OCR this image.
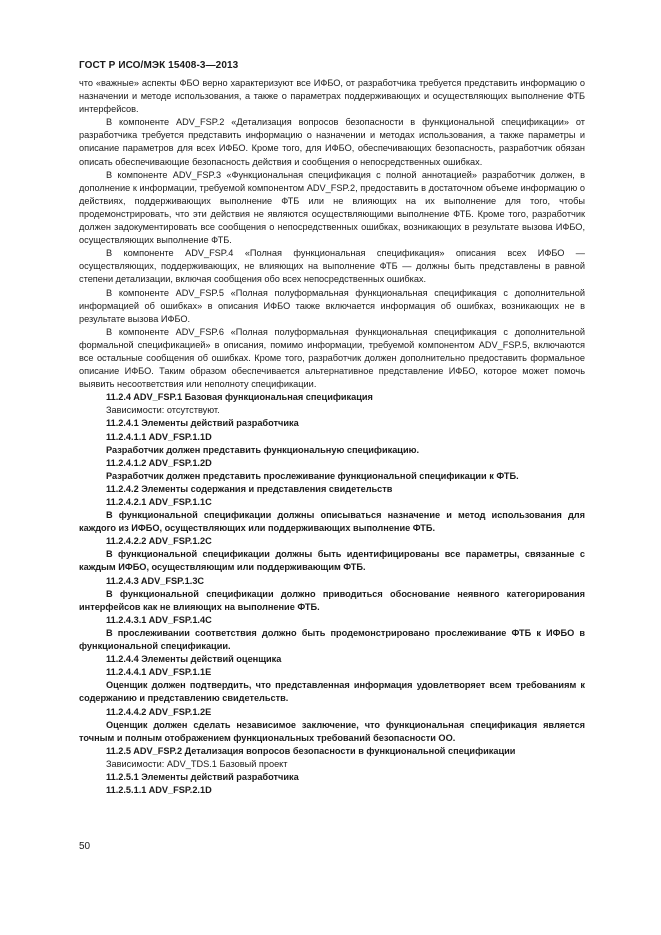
ГОСТ Р ИСО/МЭК 15408-3—2013

что «важные» аспекты ФБО верно характеризуют все ИФБО, от разработчика требуется представить информацию о назначении и методе использования, а также о параметрах поддерживающих и осуществляющих выполнение ФТБ интерфейсов.

В компоненте ADV_FSP.2 «Детализация вопросов безопасности в функциональной спецификации» от разработчика требуется представить информацию о назначении и методах использования, а также параметры и описание параметров для всех ИФБО. Кроме того, для ИФБО, обеспечивающих безопасность, разработчик обязан описать обеспечивающие безопасность действия и сообщения о непосредственных ошибках.

В компоненте ADV_FSP.3 «Функциональная спецификация с полной аннотацией» разработчик должен, в дополнение к информации, требуемой компонентом ADV_FSP.2, предоставить в достаточном объеме информацию о действиях, поддерживающих выполнение ФТБ или не влияющих на их выполнение для того, чтобы продемонстрировать, что эти действия не являются осуществляющими выполнение ФТБ. Кроме того, разработчик должен задокументировать все сообщения о непосредственных ошибках, возникающих в результате вызова ИФБО, осуществляющих выполнение ФТБ.

В компоненте ADV_FSP.4 «Полная функциональная спецификация» описания всех ИФБО — осуществляющих, поддерживающих, не влияющих на выполнение ФТБ — должны быть представлены в равной степени детализации, включая сообщения обо всех непосредственных ошибках.

В компоненте ADV_FSP.5 «Полная полуформальная функциональная спецификация с дополнительной информацией об ошибках» в описания ИФБО также включается информация об ошибках, возникающих не в результате вызова ИФБО.

В компоненте ADV_FSP.6 «Полная полуформальная функциональная спецификация с дополнительной формальной спецификацией» в описания, помимо информации, требуемой компонентом ADV_FSP.5, включаются все остальные сообщения об ошибках. Кроме того, разработчик должен дополнительно предоставить формальное описание ИФБО. Таким образом обеспечивается альтернативное представление ИФБО, которое может помочь выявить несоответствия или неполноту спецификации.

11.2.4 ADV_FSP.1 Базовая функциональная спецификация

Зависимости: отсутствуют.

11.2.4.1 Элементы действий разработчика

11.2.4.1.1 ADV_FSP.1.1D

Разработчик должен представить функциональную спецификацию.

11.2.4.1.2 ADV_FSP.1.2D

Разработчик должен представить прослеживание функциональной спецификации к ФТБ.

11.2.4.2 Элементы содержания и представления свидетельств

11.2.4.2.1 ADV_FSP.1.1C

В функциональной спецификации должны описываться назначение и метод использования для каждого из ИФБО, осуществляющих или поддерживающих выполнение ФТБ.

11.2.4.2.2 ADV_FSP.1.2C

В функциональной спецификации должны быть идентифицированы все параметры, связанные с каждым ИФБО, осуществляющим или поддерживающим ФТБ.

11.2.4.3 ADV_FSP.1.3C

В функциональной спецификации должно приводиться обоснование неявного категорирования интерфейсов как не влияющих на выполнение ФТБ.

11.2.4.3.1 ADV_FSP.1.4C

В прослеживании соответствия должно быть продемонстрировано прослеживание ФТБ к ИФБО в функциональной спецификации.

11.2.4.4 Элементы действий оценщика

11.2.4.4.1 ADV_FSP.1.1E

Оценщик должен подтвердить, что представленная информация удовлетворяет всем требованиям к содержанию и представлению свидетельств.

11.2.4.4.2 ADV_FSP.1.2E

Оценщик должен сделать независимое заключение, что функциональная спецификация является точным и полным отображением функциональных требований безопасности ОО.

11.2.5 ADV_FSP.2 Детализация вопросов безопасности в функциональной спецификации

Зависимости: ADV_TDS.1 Базовый проект

11.2.5.1 Элементы действий разработчика

11.2.5.1.1 ADV_FSP.2.1D

50
